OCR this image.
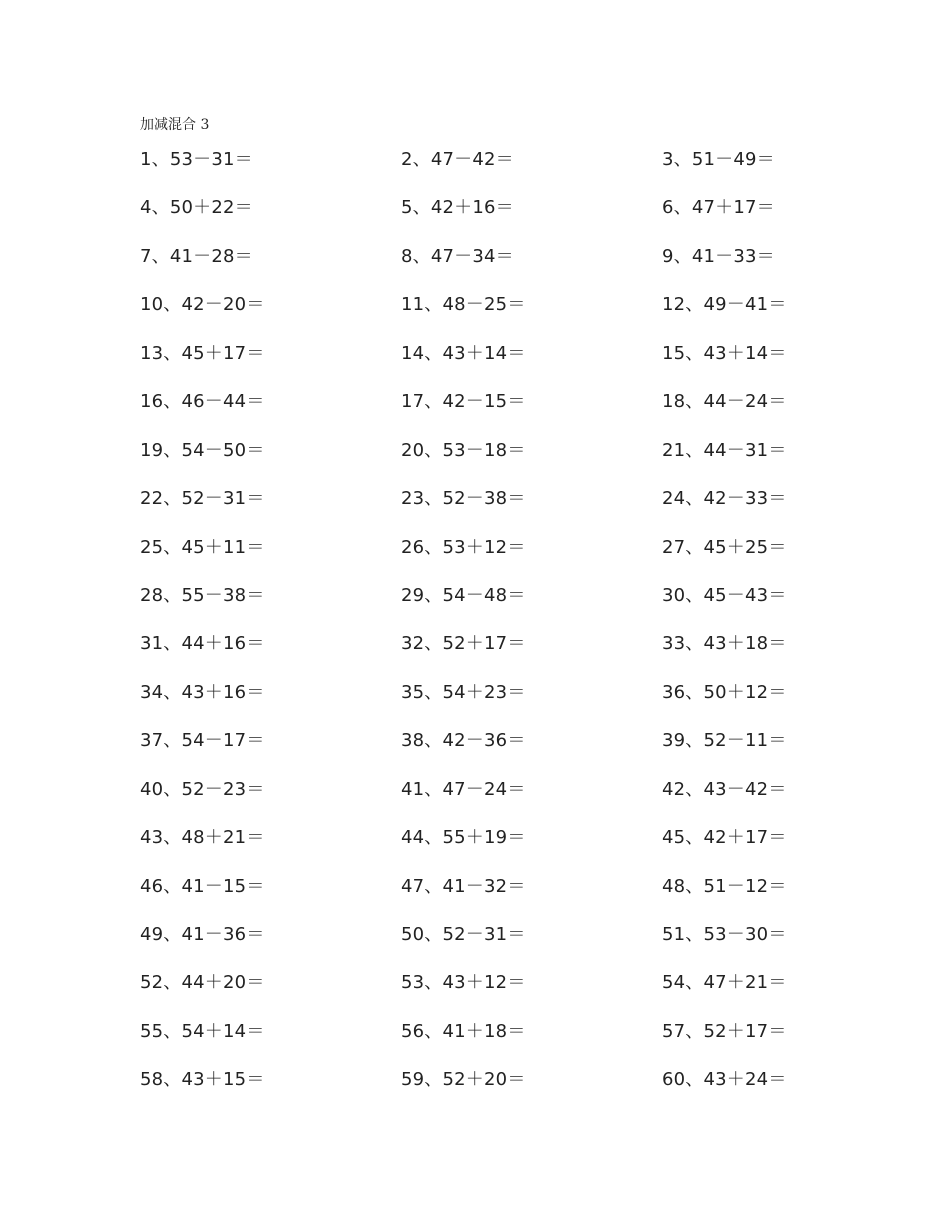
加减混合 3
1、53－31＝	2、47－42＝	3、51－49＝
4、50＋22＝	5、42＋16＝	6、47＋17＝
7、41－28＝	8、47－34＝	9、41－33＝
10、42－20＝	11、48－25＝	12、49－41＝
13、45＋17＝	14、43＋14＝	15、43＋14＝
16、46－44＝	17、42－15＝	18、44－24＝
19、54－50＝	20、53－18＝	21、44－31＝
22、52－31＝	23、52－38＝	24、42－33＝
25、45＋11＝	26、53＋12＝	27、45＋25＝
28、55－38＝	29、54－48＝	30、45－43＝
31、44＋16＝	32、52＋17＝	33、43＋18＝
34、43＋16＝	35、54＋23＝	36、50＋12＝
37、54－17＝	38、42－36＝	39、52－11＝
40、52－23＝	41、47－24＝	42、43－42＝
43、48＋21＝	44、55＋19＝	45、42＋17＝
46、41－15＝	47、41－32＝	48、51－12＝
49、41－36＝	50、52－31＝	51、53－30＝
52、44＋20＝	53、43＋12＝	54、47＋21＝
55、54＋14＝	56、41＋18＝	57、52＋17＝
58、43＋15＝	59、52＋20＝	60、43＋24＝
